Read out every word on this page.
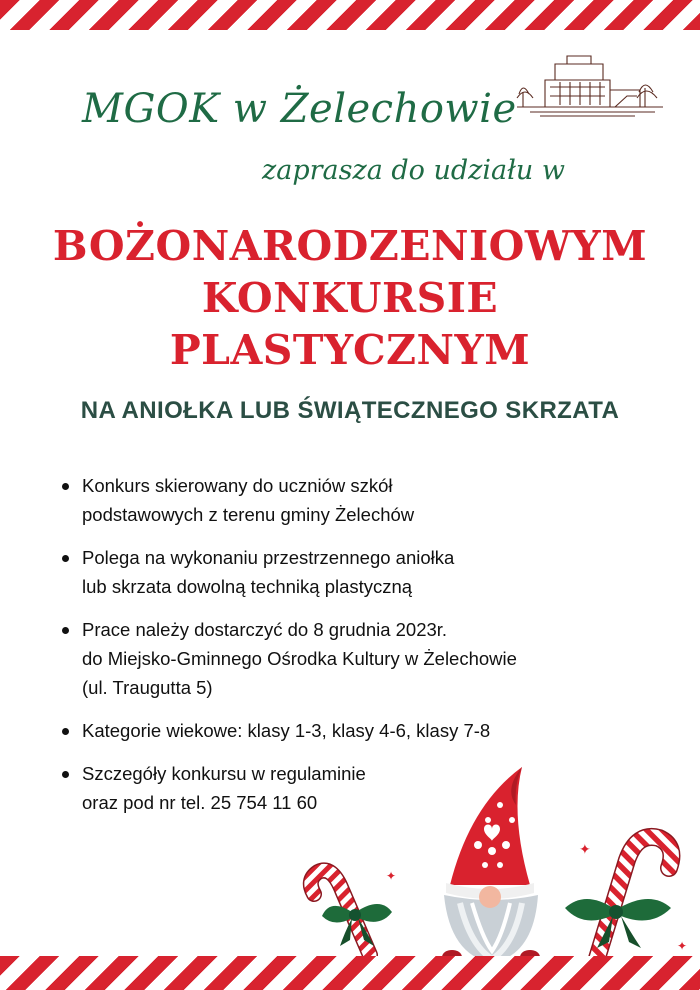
MGOK w Żelechowie
zaprasza do udziału w
BOŻONARODZENIOWYM
KONKURSIE
PLASTYCZNYM
NA ANIOŁKA LUB ŚWIĄTECZNEGO SKRZATA
Konkurs skierowany do uczniów szkół
podstawowych z terenu gminy Żelechów
Polega na wykonaniu przestrzennego aniołka
lub skrzata dowolną techniką plastyczną
Prace należy dostarczyć do 8 grudnia 2023r.
do Miejsko-Gminnego Ośrodka Kultury w Żelechowie
(ul. Traugutta 5)
Kategorie wiekowe: klasy 1-3, klasy 4-6, klasy 7-8
Szczegóły konkursu w regulaminie
oraz pod nr tel. 25 754 11 60
✦
✦
✦
